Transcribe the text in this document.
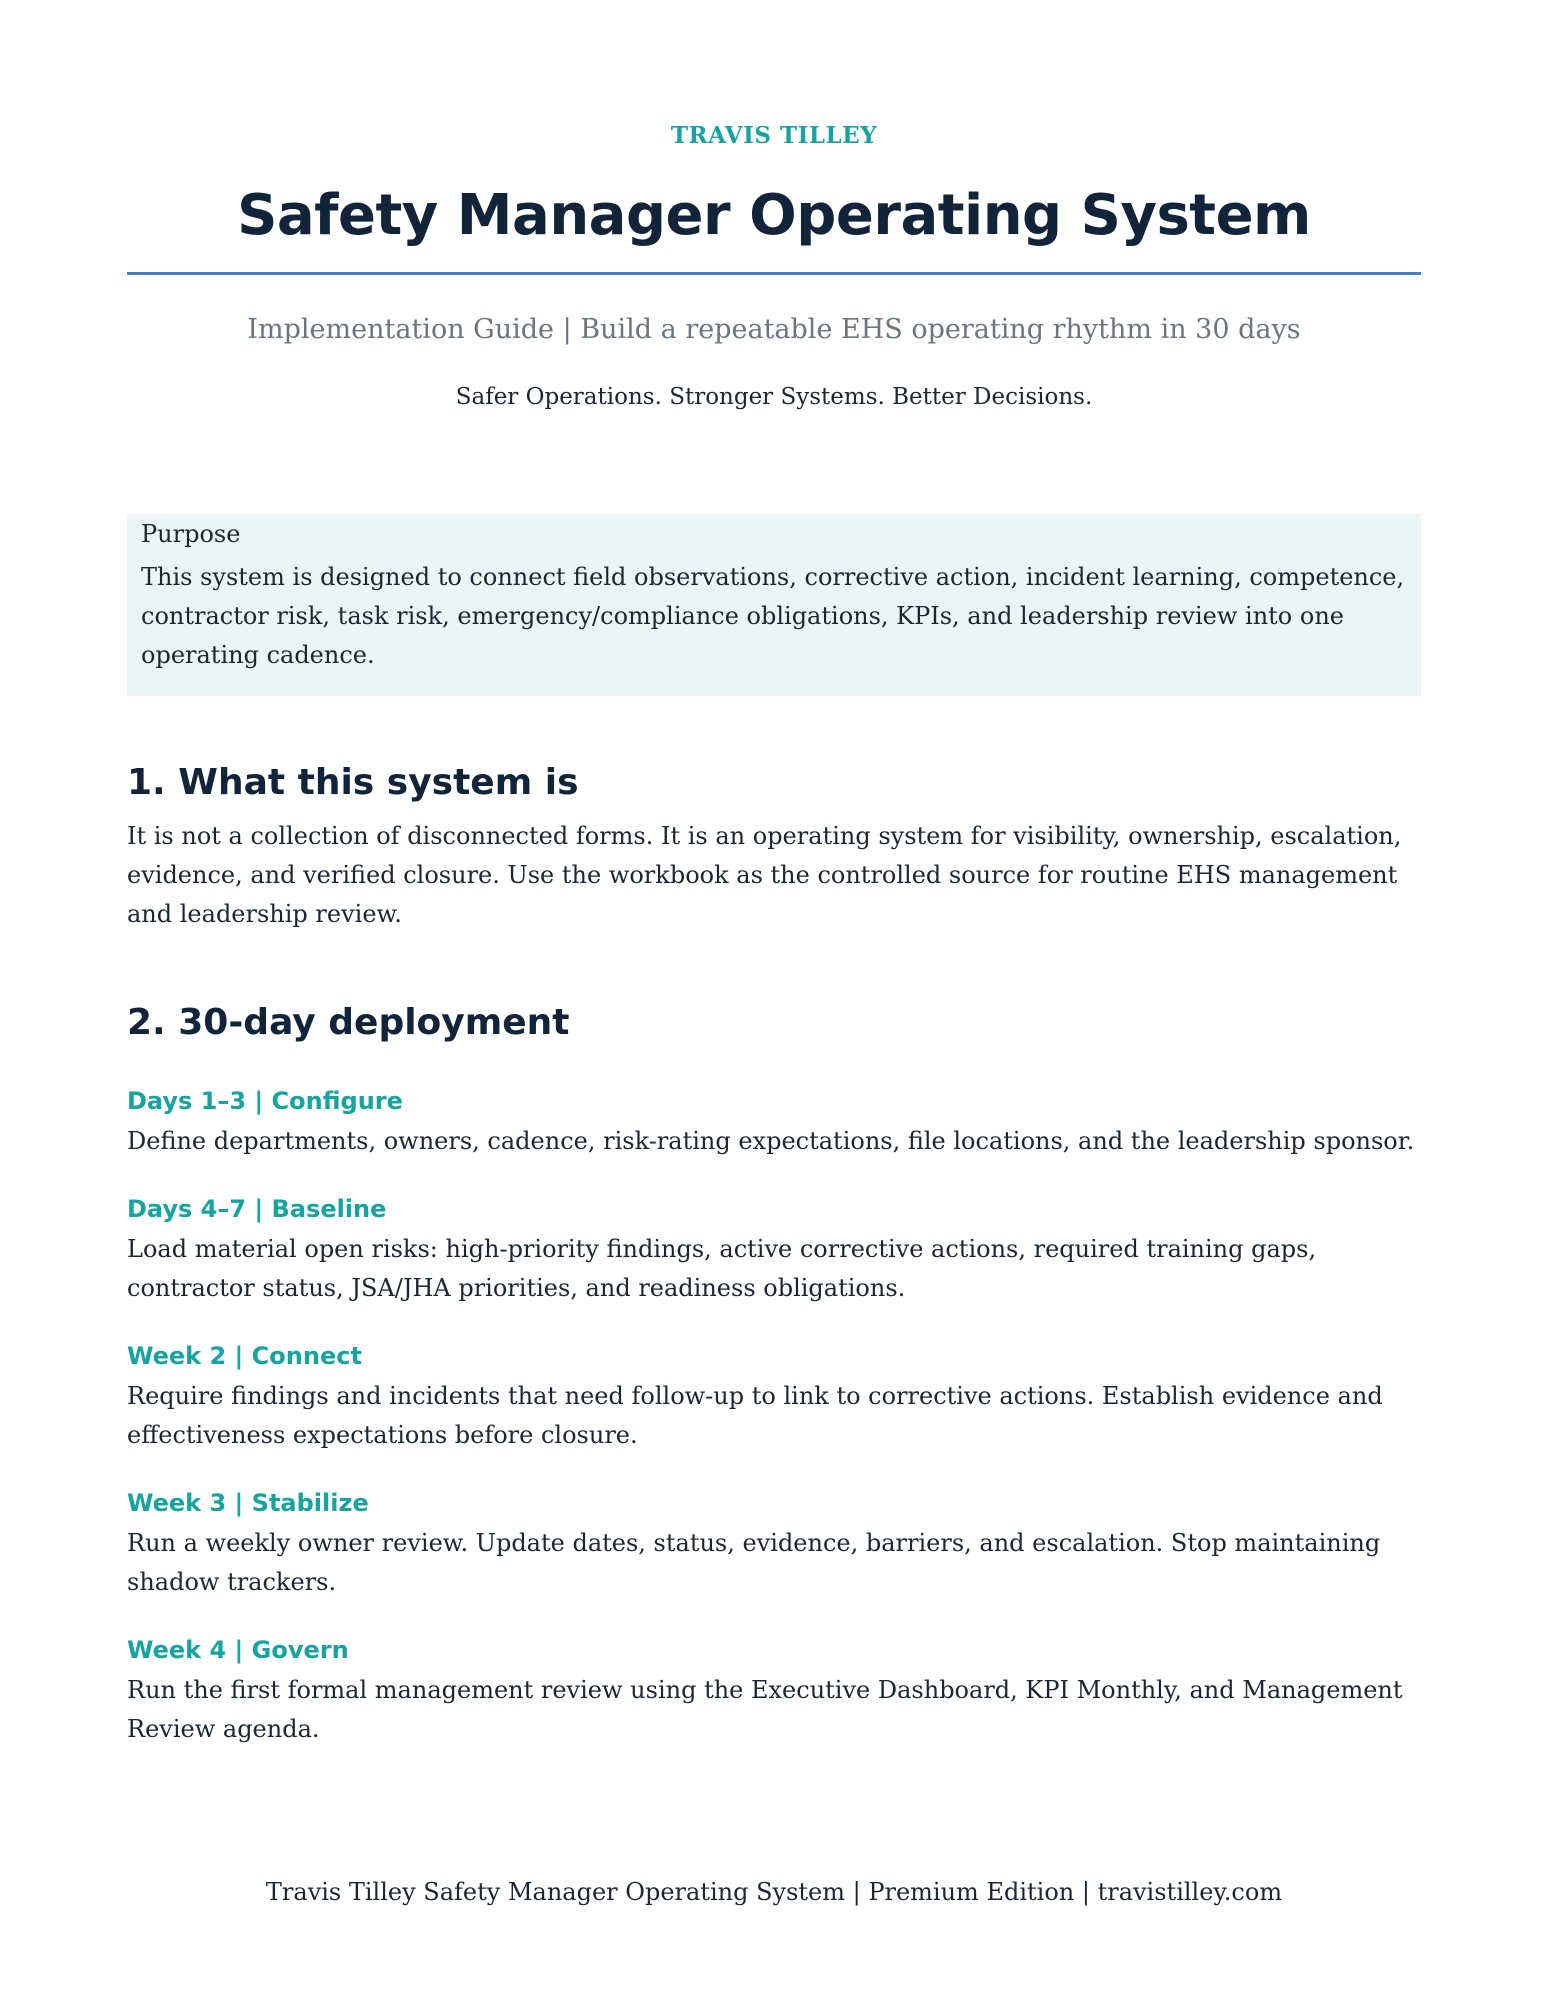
TRAVIS TILLEY
Safety Manager Operating System
Implementation Guide | Build a repeatable EHS operating rhythm in 30 days
Safer Operations. Stronger Systems. Better Decisions.
Purpose
This system is designed to connect field observations, corrective action, incident learning, competence, contractor risk, task risk, emergency/compliance obligations, KPIs, and leadership review into one operating cadence.
1. What this system is
It is not a collection of disconnected forms. It is an operating system for visibility, ownership, escalation, evidence, and verified closure. Use the workbook as the controlled source for routine EHS management and leadership review.
2. 30-day deployment
Days 1–3 | Configure
Define departments, owners, cadence, risk-rating expectations, file locations, and the leadership sponsor.
Days 4–7 | Baseline
Load material open risks: high-priority findings, active corrective actions, required training gaps, contractor status, JSA/JHA priorities, and readiness obligations.
Week 2 | Connect
Require findings and incidents that need follow-up to link to corrective actions. Establish evidence and effectiveness expectations before closure.
Week 3 | Stabilize
Run a weekly owner review. Update dates, status, evidence, barriers, and escalation. Stop maintaining shadow trackers.
Week 4 | Govern
Run the first formal management review using the Executive Dashboard, KPI Monthly, and Management Review agenda.
Travis Tilley Safety Manager Operating System | Premium Edition | travistilley.com
